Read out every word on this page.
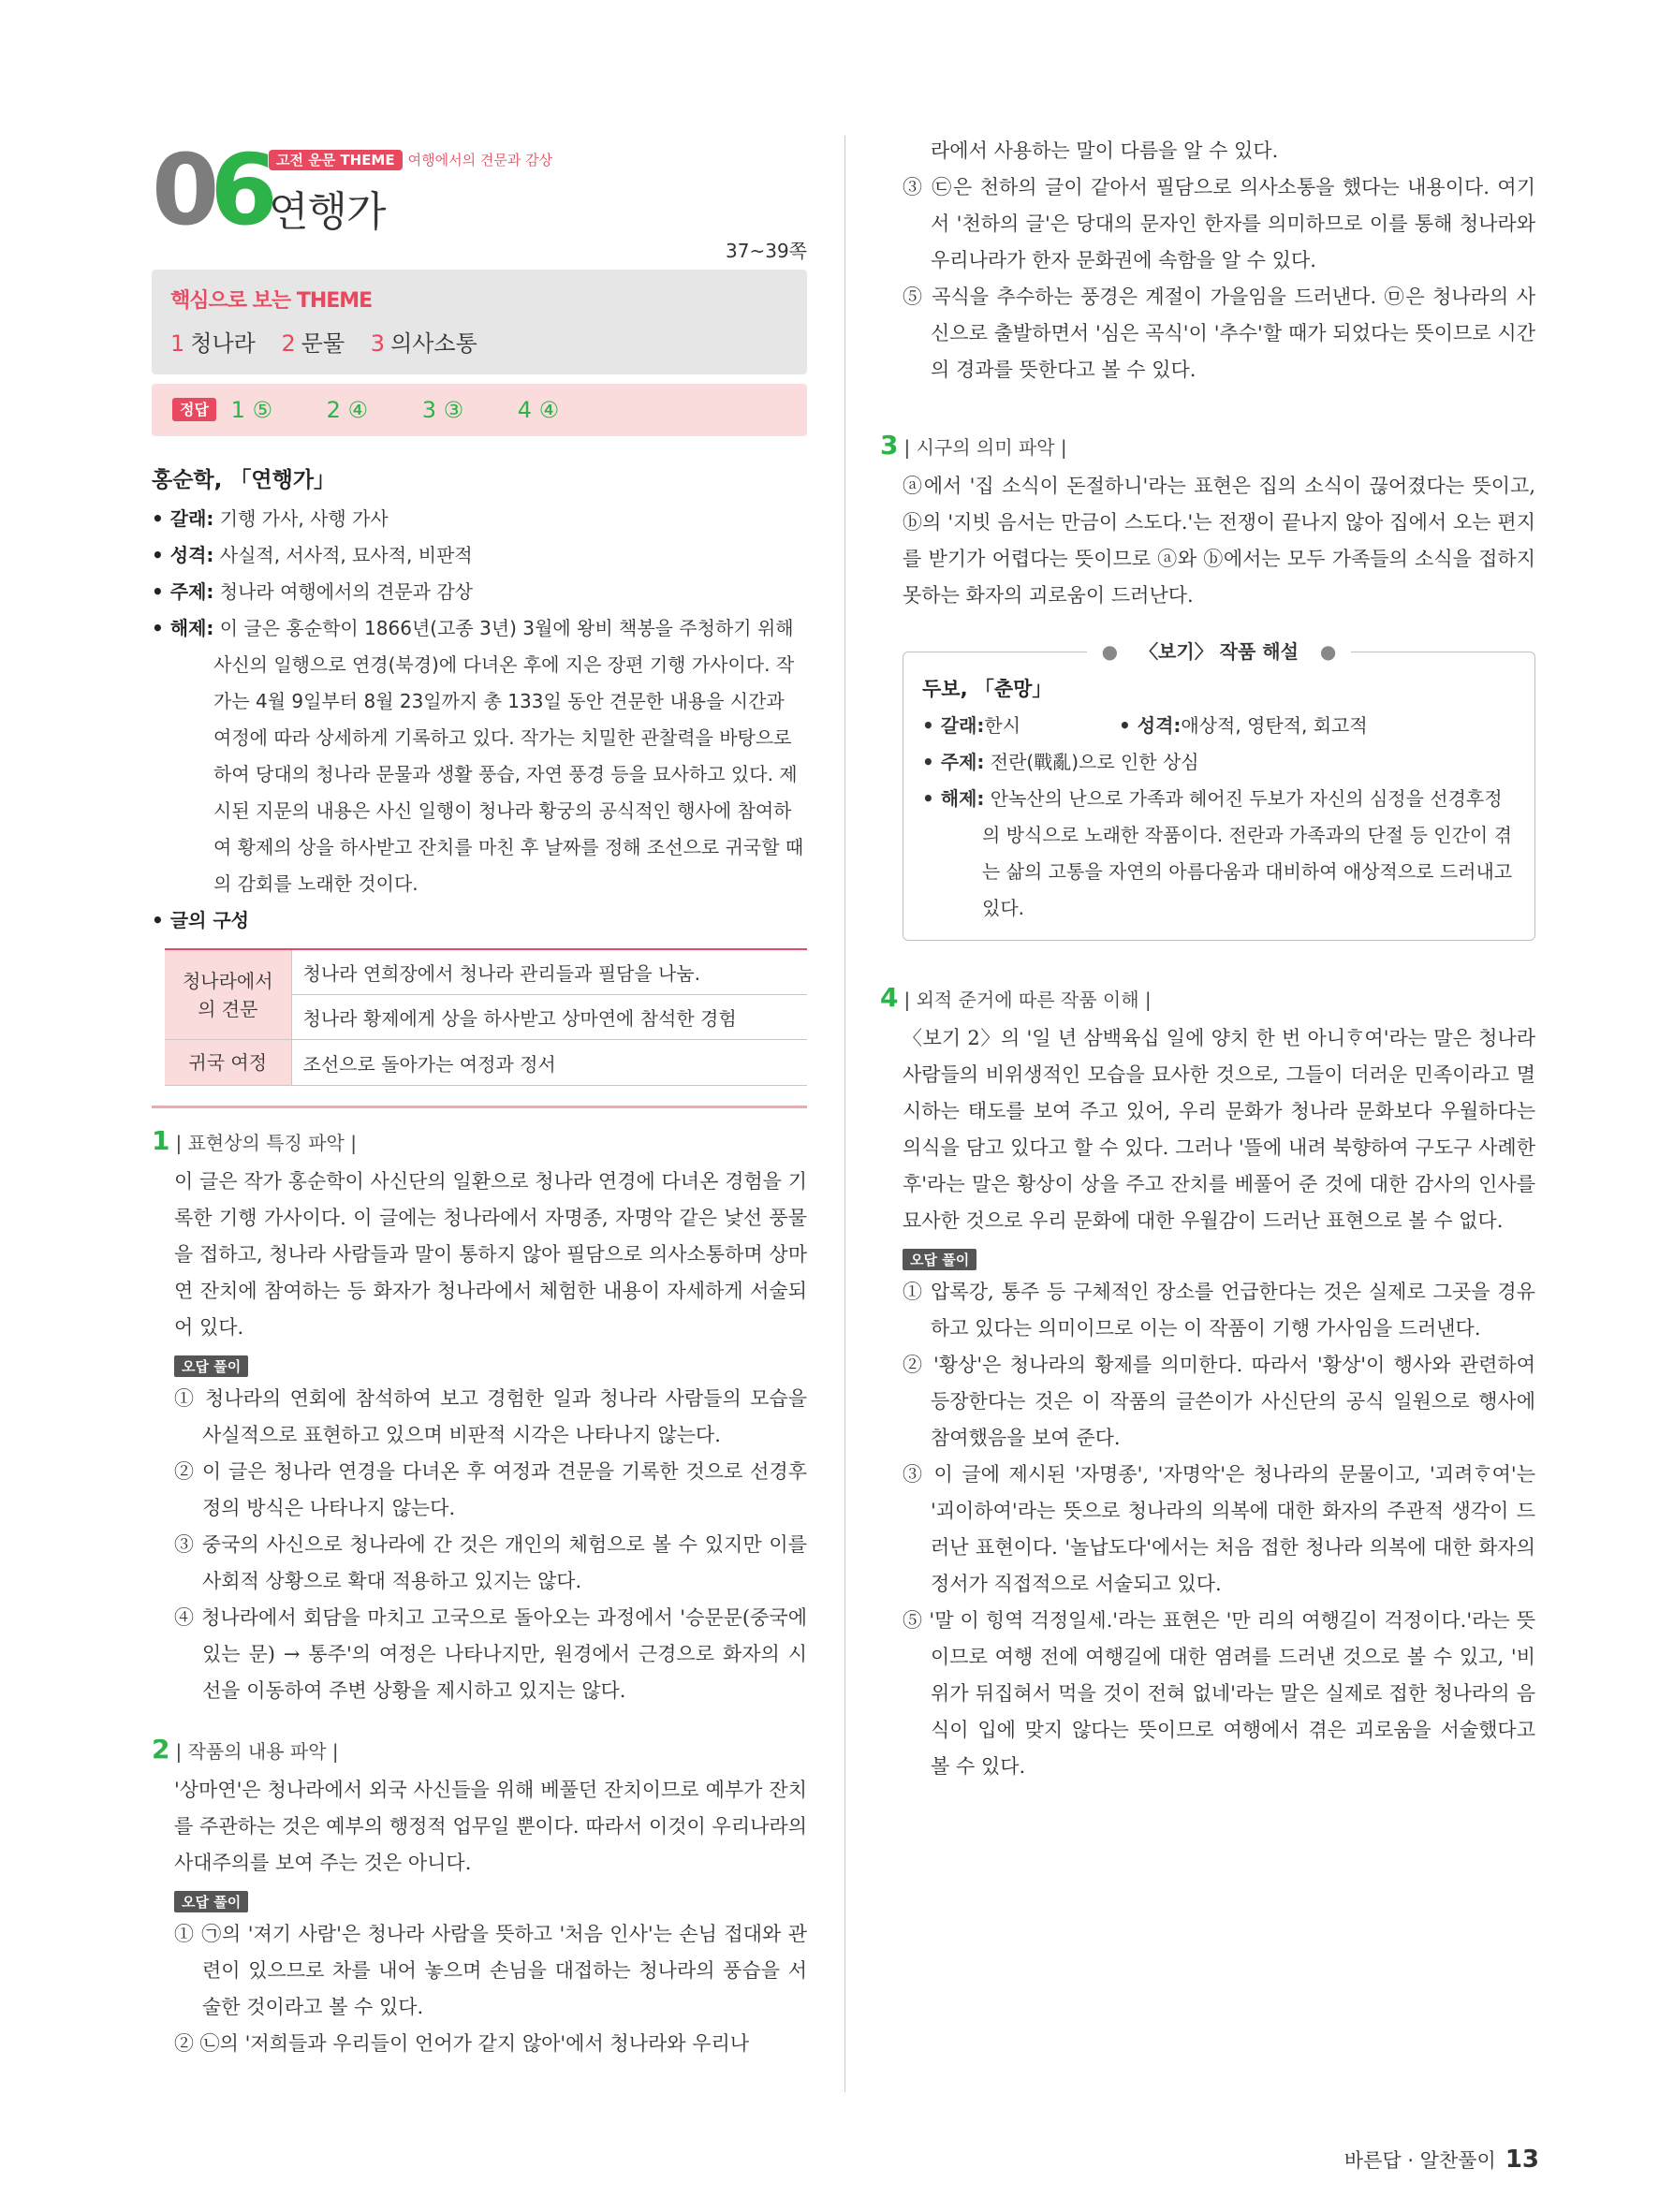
06 고전 운문 THEME 여행에서의 견문과 감상
연행가
37~39쪽
핵심으로 보는 THEME
1 청나라 2 문물 3 의사소통
정답 1 ⑤ 2 ④ 3 ③ 4 ④
홍순학, 「연행가」
• 갈래: 기행 가사, 사행 가사
• 성격: 사실적, 서사적, 묘사적, 비판적
• 주제: 청나라 여행에서의 견문과 감상
• 해제: 이 글은 홍순학이 1866년(고종 3년) 3월에 왕비 책봉을 주청하기 위해 사신의 일행으로 연경(북경)에 다녀온 후에 지은 장편 기행 가사이다. 작가는 4월 9일부터 8월 23일까지 총 133일 동안 견문한 내용을 시간과 여정에 따라 상세하게 기록하고 있다. 작가는 치밀한 관찰력을 바탕으로 하여 당대의 청나라 문물과 생활 풍습, 자연 풍경 등을 묘사하고 있다. 제시된 지문의 내용은 사신 일행이 청나라 황궁의 공식적인 행사에 참여하여 황제의 상을 하사받고 잔치를 마친 후 날짜를 정해 조선으로 귀국할 때의 감회를 노래한 것이다.
• 글의 구성
청나라에서의 견문	청나라 연희장에서 청나라 관리들과 필담을 나눔.
	청나라 황제에게 상을 하사받고 상마연에 참석한 경험
귀국 여정	조선으로 돌아가는 여정과 정서
1 | 표현상의 특징 파악 |
이 글은 작가 홍순학이 사신단의 일환으로 청나라 연경에 다녀온 경험을 기록한 기행 가사이다. 이 글에는 청나라에서 자명종, 자명악 같은 낯선 풍물을 접하고, 청나라 사람들과 말이 통하지 않아 필담으로 의사소통하며 상마연 잔치에 참여하는 등 화자가 청나라에서 체험한 내용이 자세하게 서술되어 있다.
오답 풀이
① 청나라의 연회에 참석하여 보고 경험한 일과 청나라 사람들의 모습을 사실적으로 표현하고 있으며 비판적 시각은 나타나지 않는다.
② 이 글은 청나라 연경을 다녀온 후 여정과 견문을 기록한 것으로 선경후정의 방식은 나타나지 않는다.
③ 중국의 사신으로 청나라에 간 것은 개인의 체험으로 볼 수 있지만 이를 사회적 상황으로 확대 적용하고 있지는 않다.
④ 청나라에서 회담을 마치고 고국으로 돌아오는 과정에서 '승문문(중국에 있는 문) → 통주'의 여정은 나타나지만, 원경에서 근경으로 화자의 시선을 이동하여 주변 상황을 제시하고 있지는 않다.
2 | 작품의 내용 파악 |
'상마연'은 청나라에서 외국 사신들을 위해 베풀던 잔치이므로 예부가 잔치를 주관하는 것은 예부의 행정적 업무일 뿐이다. 따라서 이것이 우리나라의 사대주의를 보여 주는 것은 아니다.
오답 풀이
① ㉠의 '져기 사람'은 청나라 사람을 뜻하고 '처음 인사'는 손님 접대와 관련이 있으므로 차를 내어 놓으며 손님을 대접하는 청나라의 풍습을 서술한 것이라고 볼 수 있다.
② ㉡의 '저희들과 우리들이 언어가 같지 않아'에서 청나라와 우리나
라에서 사용하는 말이 다름을 알 수 있다.
③ ㉢은 천하의 글이 같아서 필담으로 의사소통을 했다는 내용이다. 여기서 '천하의 글'은 당대의 문자인 한자를 의미하므로 이를 통해 청나라와 우리나라가 한자 문화권에 속함을 알 수 있다.
⑤ 곡식을 추수하는 풍경은 계절이 가을임을 드러낸다. ㉤은 청나라의 사신으로 출발하면서 '심은 곡식'이 '추수'할 때가 되었다는 뜻이므로 시간의 경과를 뜻한다고 볼 수 있다.
3 | 시구의 의미 파악 |
ⓐ에서 '집 소식이 돈절하니'라는 표현은 집의 소식이 끊어졌다는 뜻이고, ⓑ의 '지빗 음서는 만금이 스도다.'는 전쟁이 끝나지 않아 집에서 오는 편지를 받기가 어렵다는 뜻이므로 ⓐ와 ⓑ에서는 모두 가족들의 소식을 접하지 못하는 화자의 괴로움이 드러난다.
● 〈보기〉 작품 해설 ●
두보, 「춘망」
• 갈래:한시	• 성격:애상적, 영탄적, 회고적
• 주제: 전란(戰亂)으로 인한 상심
• 해제: 안녹산의 난으로 가족과 헤어진 두보가 자신의 심정을 선경후정의 방식으로 노래한 작품이다. 전란과 가족과의 단절 등 인간이 겪는 삶의 고통을 자연의 아름다움과 대비하여 애상적으로 드러내고 있다.
4 | 외적 준거에 따른 작품 이해 |
〈보기 2〉의 '일 년 삼백육십 일에 양치 한 번 아니ᄒᆞ여'라는 말은 청나라 사람들의 비위생적인 모습을 묘사한 것으로, 그들이 더러운 민족이라고 멸시하는 태도를 보여 주고 있어, 우리 문화가 청나라 문화보다 우월하다는 의식을 담고 있다고 할 수 있다. 그러나 '뜰에 내려 북향하여 구도구 사례한 후'라는 말은 황상이 상을 주고 잔치를 베풀어 준 것에 대한 감사의 인사를 묘사한 것으로 우리 문화에 대한 우월감이 드러난 표현으로 볼 수 없다.
오답 풀이
① 압록강, 통주 등 구체적인 장소를 언급한다는 것은 실제로 그곳을 경유하고 있다는 의미이므로 이는 이 작품이 기행 가사임을 드러낸다.
② '황상'은 청나라의 황제를 의미한다. 따라서 '황상'이 행사와 관련하여 등장한다는 것은 이 작품의 글쓴이가 사신단의 공식 일원으로 행사에 참여했음을 보여 준다.
③ 이 글에 제시된 '자명종', '자명악'은 청나라의 문물이고, '괴려ᄒᆞ여'는 '괴이하여'라는 뜻으로 청나라의 의복에 대한 화자의 주관적 생각이 드러난 표현이다. '놀납도다'에서는 처음 접한 청나라 의복에 대한 화자의 정서가 직접적으로 서술되고 있다.
⑤ '말 이 힝역 걱정일세.'라는 표현은 '만 리의 여행길이 걱정이다.'라는 뜻이므로 여행 전에 여행길에 대한 염려를 드러낸 것으로 볼 수 있고, '비위가 뒤집혀서 먹을 것이 전혀 없네'라는 말은 실제로 접한 청나라의 음식이 입에 맞지 않다는 뜻이므로 여행에서 겪은 괴로움을 서술했다고 볼 수 있다.
바른답 · 알찬풀이 13
